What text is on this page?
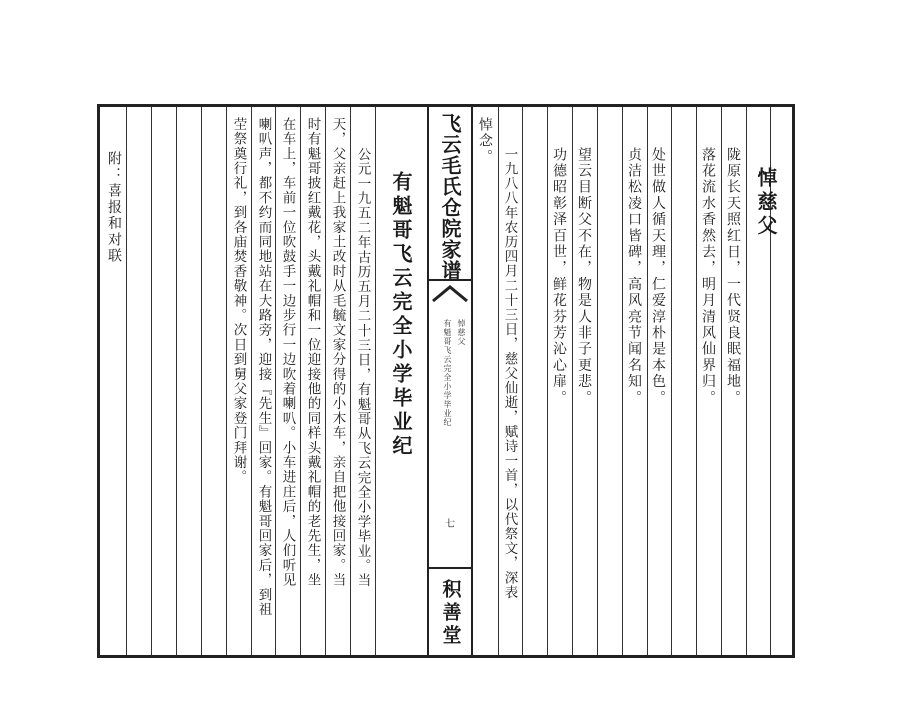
悼慈父
陇原长天照红日，一代贤良眠福地。
落花流水香然去，明月清风仙界归。
处世做人循天理，仁爱淳朴是本色。
贞洁松凌口皆碑，高风亮节闻名知。
望云目断父不在，物是人非子更悲。
功德昭彰泽百世，鲜花芬芳沁心扉。
一九八八年农历四月二十三日，慈父仙逝，赋诗一首，以代祭文，深表
悼念。
飞云毛氏仓院家谱
悼慈父
有魁哥飞云完全小学毕业纪
七
积善堂
有魁哥飞云完全小学毕业纪
公元一九五二年古历五月二十三日，有魁哥从飞云完全小学毕业。当
天，父亲赶上我家土改时从毛毓文家分得的小木车，亲自把他接回家。当
时有魁哥披红戴花，头戴礼帽和一位迎接他的同样头戴礼帽的老先生，坐
在车上，车前一位吹鼓手一边步行一边吹着喇叭。小车进庄后，人们听见
喇叭声，都不约而同地站在大路旁，迎接『先生』回家。有魁哥回家后，到祖
茔祭奠行礼，到各庙焚香敬神。次日到舅父家登门拜谢。
附：喜报和对联
